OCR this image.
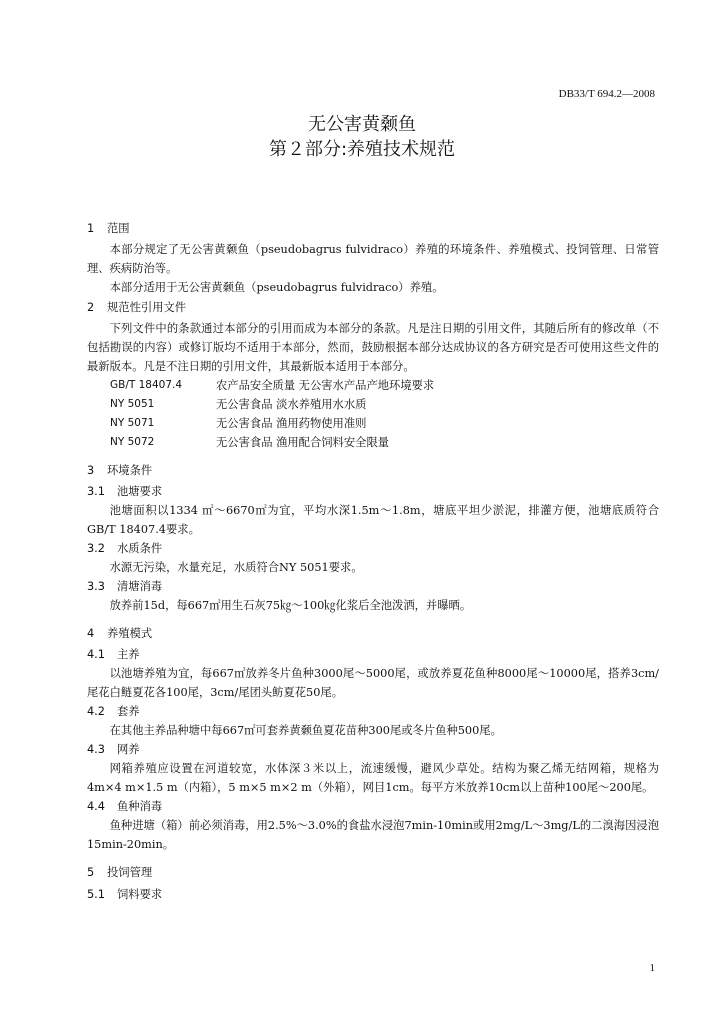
DB33/T 694.2—2008
无公害黄颡鱼
第２部分:养殖技术规范
1 范围

本部分规定了无公害黄颡鱼（pseudobagrus fulvidraco）养殖的环境条件、养殖模式、投饲管理、日常管理、疾病防治等。

本部分适用于无公害黄颡鱼（pseudobagrus fulvidraco）养殖。

2 规范性引用文件

下列文件中的条款通过本部分的引用而成为本部分的条款。凡是注日期的引用文件，其随后所有的修改单（不包括勘误的内容）或修订版均不适用于本部分，然而，鼓励根据本部分达成协议的各方研究是否可使用这些文件的最新版本。凡是不注日期的引用文件，其最新版本适用于本部分。

GB/T 18407.4	农产品安全质量 无公害水产品产地环境要求
NY 5051	无公害食品 淡水养殖用水水质
NY 5071	无公害食品 渔用药物使用准则
NY 5072	无公害食品 渔用配合饲料安全限量
3 环境条件
3.1 池塘要求

池塘面积以1334 ㎡～6670㎡为宜，平均水深1.5m～1.8m，塘底平坦少淤泥，排灌方便，池塘底质符合GB/T 18407.4要求。

3.2 水质条件

水源无污染，水量充足，水质符合NY 5051要求。

3.3 清塘消毒

放养前15d，每667㎡用生石灰75㎏～100㎏化浆后全池泼洒，并曝晒。

4 养殖模式
4.1 主养

以池塘养殖为宜，每667㎡放养冬片鱼种3000尾～5000尾，或放养夏花鱼种8000尾～10000尾，搭养3cm/尾花白鲢夏花各100尾，3cm/尾团头鲂夏花50尾。

4.2 套养

在其他主养品种塘中每667㎡可套养黄颡鱼夏花苗种300尾或冬片鱼种500尾。

4.3 网养

网箱养殖应设置在河道较宽，水体深３米以上，流速缓慢，避风少草处。结构为聚乙烯无结网箱，规格为4m×4 m×1.5 m（内箱），5 m×5 m×2 m（外箱），网目1cm。每平方米放养10cm以上苗种100尾～200尾。

4.4 鱼种消毒

鱼种进塘（箱）前必须消毒，用2.5%～3.0%的食盐水浸泡7min-10min或用2mg/L～3mg/L的二溴海因浸泡15min-20min。

5 投饲管理
5.1 饲料要求
1
